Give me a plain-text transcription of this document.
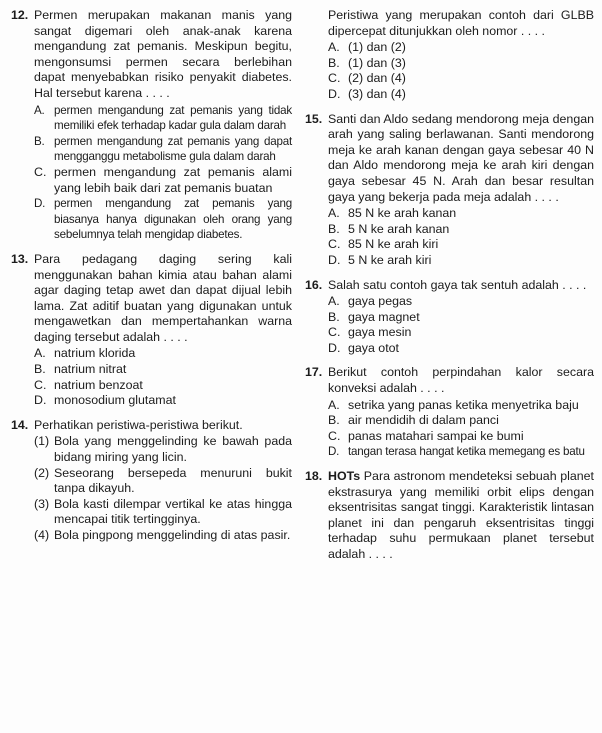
12. Permen merupakan makanan manis yang sangat digemari oleh anak-anak karena mengandung zat pemanis. Meskipun begitu, mengonsumsi permen secara berlebihan dapat menyebabkan risiko penyakit diabetes. Hal tersebut karena . . . .
A. permen mengandung zat pemanis yang tidak memiliki efek terhadap kadar gula dalam darah
B. permen mengandung zat pemanis yang dapat mengganggu metabolisme gula dalam darah
C. permen mengandung zat pemanis alami yang lebih baik dari zat pemanis buatan
D. permen mengandung zat pemanis yang biasanya hanya digunakan oleh orang yang sebelumnya telah mengidap diabetes.
13. Para pedagang daging sering kali menggunakan bahan kimia atau bahan alami agar daging tetap awet dan dapat dijual lebih lama. Zat aditif buatan yang digunakan untuk mengawetkan dan mempertahankan warna daging tersebut adalah . . . .
A. natrium klorida
B. natrium nitrat
C. natrium benzoat
D. monosodium glutamat
14. Perhatikan peristiwa-peristiwa berikut.
(1) Bola yang menggelinding ke bawah pada bidang miring yang licin.
(2) Seseorang bersepeda menuruni bukit tanpa dikayuh.
(3) Bola kasti dilempar vertikal ke atas hingga mencapai titik tertingginya.
(4) Bola pingpong menggelinding di atas pasir.
Peristiwa yang merupakan contoh dari GLBB dipercepat ditunjukkan oleh nomor . . . .
A. (1) dan (2)
B. (1) dan (3)
C. (2) dan (4)
D. (3) dan (4)
15. Santi dan Aldo sedang mendorong meja dengan arah yang saling berlawanan. Santi mendorong meja ke arah kanan dengan gaya sebesar 40 N dan Aldo mendorong meja ke arah kiri dengan gaya sebesar 45 N. Arah dan besar resultan gaya yang bekerja pada meja adalah . . . .
A. 85 N ke arah kanan
B. 5 N ke arah kanan
C. 85 N ke arah kiri
D. 5 N ke arah kiri
16. Salah satu contoh gaya tak sentuh adalah . . . .
A. gaya pegas
B. gaya magnet
C. gaya mesin
D. gaya otot
17. Berikut contoh perpindahan kalor secara konveksi adalah . . . .
A. setrika yang panas ketika menyetrika baju
B. air mendidih di dalam panci
C. panas matahari sampai ke bumi
D. tangan terasa hangat ketika memegang es batu
18. HOTs Para astronom mendeteksi sebuah planet ekstrasurya yang memiliki orbit elips dengan eksentrisitas sangat tinggi. Karakteristik lintasan planet ini dan pengaruh eksentrisitas tinggi terhadap suhu permukaan planet tersebut adalah . . . .
